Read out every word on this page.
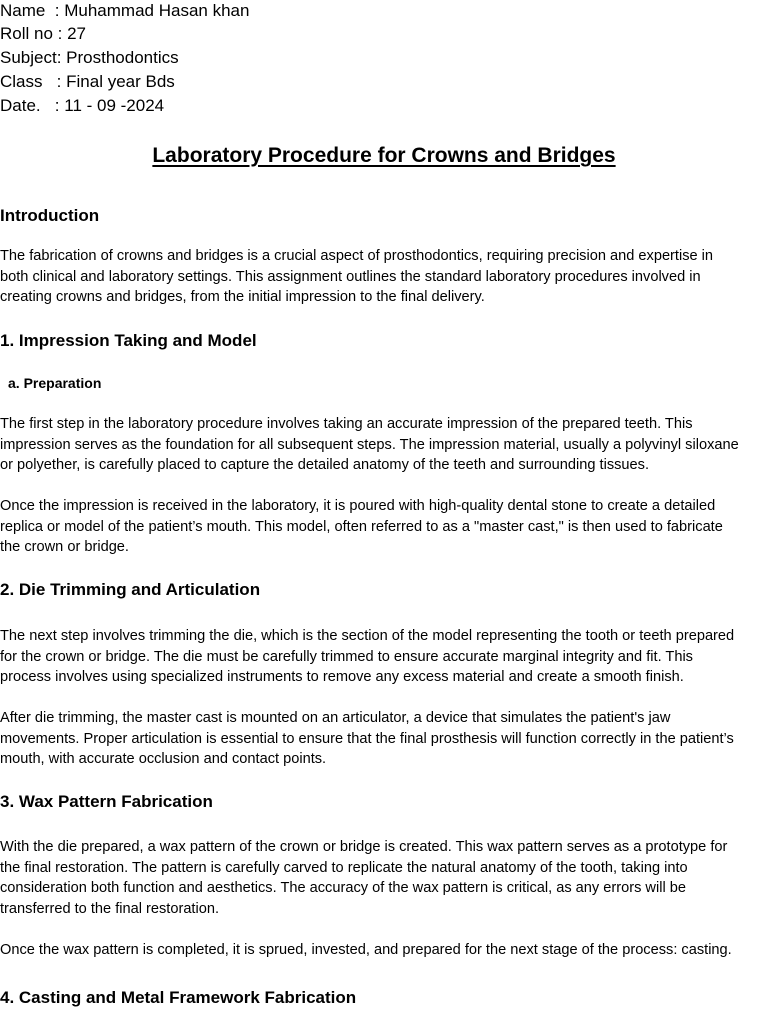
Name  : Muhammad Hasan khan
Roll no : 27
Subject: Prosthodontics
Class   : Final year Bds
Date.   : 11 - 09 -2024
Laboratory Procedure for Crowns and Bridges
Introduction
The fabrication of crowns and bridges is a crucial aspect of prosthodontics, requiring precision and expertise in
both clinical and laboratory settings. This assignment outlines the standard laboratory procedures involved in
creating crowns and bridges, from the initial impression to the final delivery.
1. Impression Taking and Model
a. Preparation
The first step in the laboratory procedure involves taking an accurate impression of the prepared teeth. This
impression serves as the foundation for all subsequent steps. The impression material, usually a polyvinyl siloxane
or polyether, is carefully placed to capture the detailed anatomy of the teeth and surrounding tissues.
Once the impression is received in the laboratory, it is poured with high-quality dental stone to create a detailed
replica or model of the patient’s mouth. This model, often referred to as a "master cast," is then used to fabricate
the crown or bridge.
2. Die Trimming and Articulation
The next step involves trimming the die, which is the section of the model representing the tooth or teeth prepared
for the crown or bridge. The die must be carefully trimmed to ensure accurate marginal integrity and fit. This
process involves using specialized instruments to remove any excess material and create a smooth finish.
After die trimming, the master cast is mounted on an articulator, a device that simulates the patient's jaw
movements. Proper articulation is essential to ensure that the final prosthesis will function correctly in the patient’s
mouth, with accurate occlusion and contact points.
3. Wax Pattern Fabrication
With the die prepared, a wax pattern of the crown or bridge is created. This wax pattern serves as a prototype for
the final restoration. The pattern is carefully carved to replicate the natural anatomy of the tooth, taking into
consideration both function and aesthetics. The accuracy of the wax pattern is critical, as any errors will be
transferred to the final restoration.
Once the wax pattern is completed, it is sprued, invested, and prepared for the next stage of the process: casting.
4. Casting and Metal Framework Fabrication
